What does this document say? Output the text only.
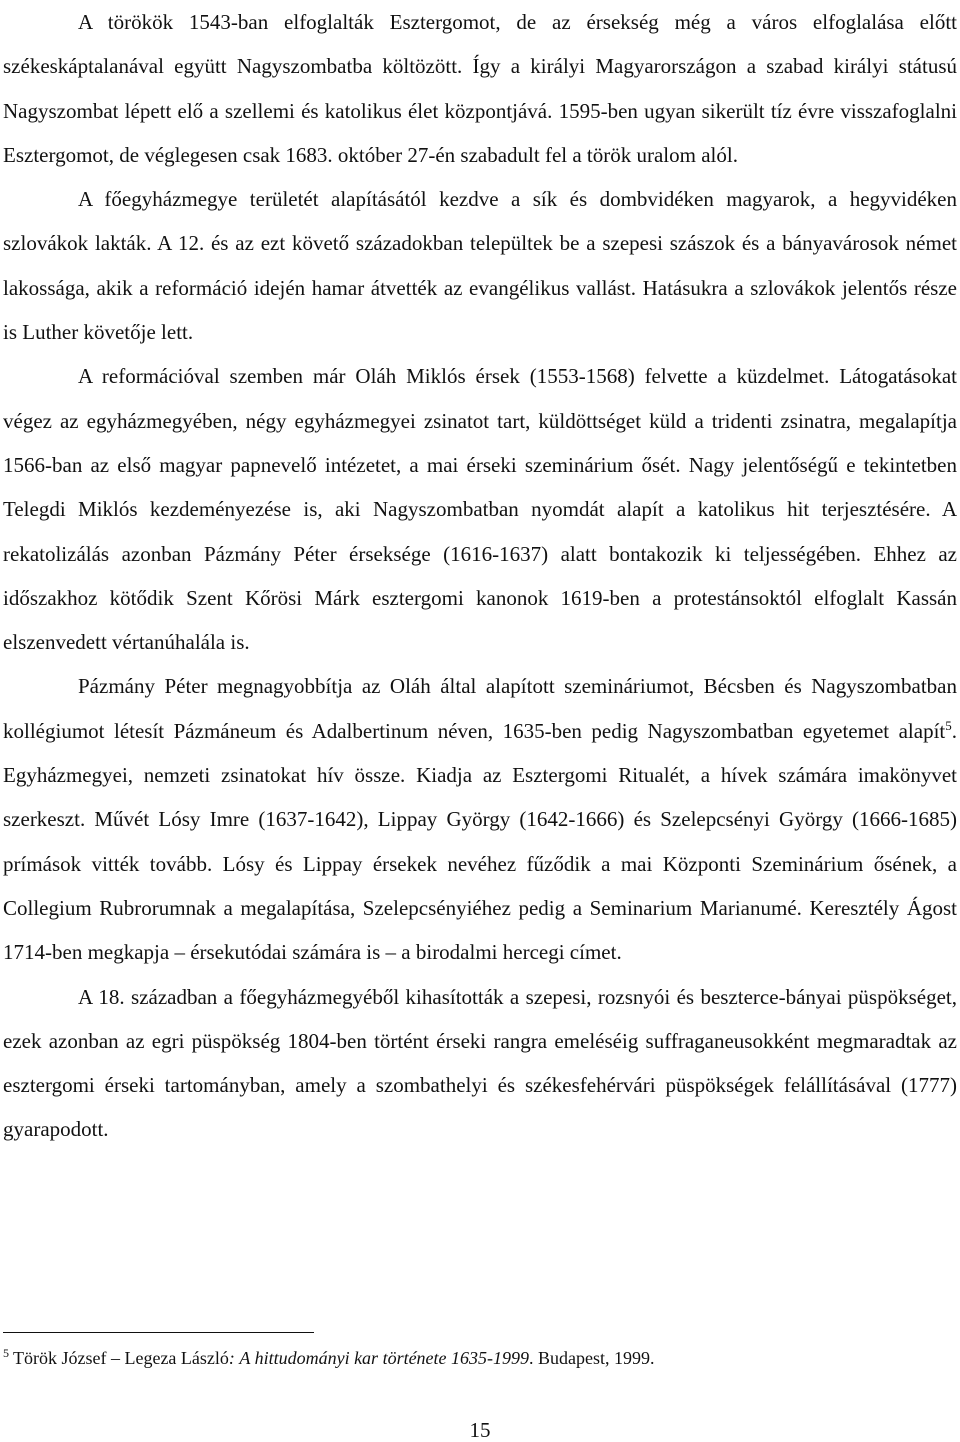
A törökök 1543-ban elfoglalták Esztergomot, de az érsekség még a város elfoglalása előtt székeskáptalanával együtt Nagyszombatba költözött. Így a királyi Magyarországon a szabad királyi státusú Nagyszombat lépett elő a szellemi és katolikus élet központjává. 1595-ben ugyan sikerült tíz évre visszafoglalni Esztergomot, de véglegesen csak 1683. október 27-én szabadult fel a török uralom alól.

A főegyházmegye területét alapításától kezdve a sík és dombvidéken magyarok, a hegyvidéken szlovákok lakták. A 12. és az ezt követő századokban települtek be a szepesi szászok és a bányavárosok német lakossága, akik a reformáció idején hamar átvették az evangélikus vallást. Hatásukra a szlovákok jelentős része is Luther követője lett.

A reformációval szemben már Oláh Miklós érsek (1553-1568) felvette a küzdelmet. Látogatásokat végez az egyházmegyében, négy egyházmegyei zsinatot tart, küldöttséget küld a tridenti zsinatra, megalapítja 1566-ban az első magyar papnevelő intézetet, a mai érseki szeminárium ősét. Nagy jelentőségű e tekintetben Telegdi Miklós kezdeményezése is, aki Nagyszombatban nyomdát alapít a katolikus hit terjesztésére. A rekatolizálás azonban Pázmány Péter érseksége (1616-1637) alatt bontakozik ki teljességében. Ehhez az időszakhoz kötődik Szent Kőrösi Márk esztergomi kanonok 1619-ben a protestánsoktól elfoglalt Kassán elszenvedett vértanúhalála is.

Pázmány Péter megnagyobbítja az Oláh által alapított szemináriumot, Bécsben és Nagyszombatban kollégiumot létesít Pázmáneum és Adalbertinum néven, 1635-ben pedig Nagyszombatban egyetemet alapít$^5$. Egyházmegyei, nemzeti zsinatokat hív össze. Kiadja az Esztergomi Ritualét, a hívek számára imakönyvet szerkeszt. Művét Lósy Imre (1637-1642), Lippay György (1642-1666) és Szelepcsényi György (1666-1685) prímások vitték tovább. Lósy és Lippay érsekek nevéhez fűződik a mai Központi Szeminárium ősének, a Collegium Rubrorumnak a megalapítása, Szelepcsényiéhez pedig a Seminarium Marianumé. Keresztély Ágost 1714-ben megkapja – érsekutódai számára is – a birodalmi hercegi címet.

A 18. században a főegyházmegyéből kihasították a szepesi, rozsnyói és beszterce-bányai püspökséget, ezek azonban az egri püspökség 1804-ben történt érseki rangra emeléséig suffraganeusokként megmaradtak az esztergomi érseki tartományban, amely a szombathelyi és székesfehérvári püspökségek felállításával (1777) gyarapodott.

$^5$ Török József – Legeza László: A hittudományi kar története 1635-1999. Budapest, 1999.
15
